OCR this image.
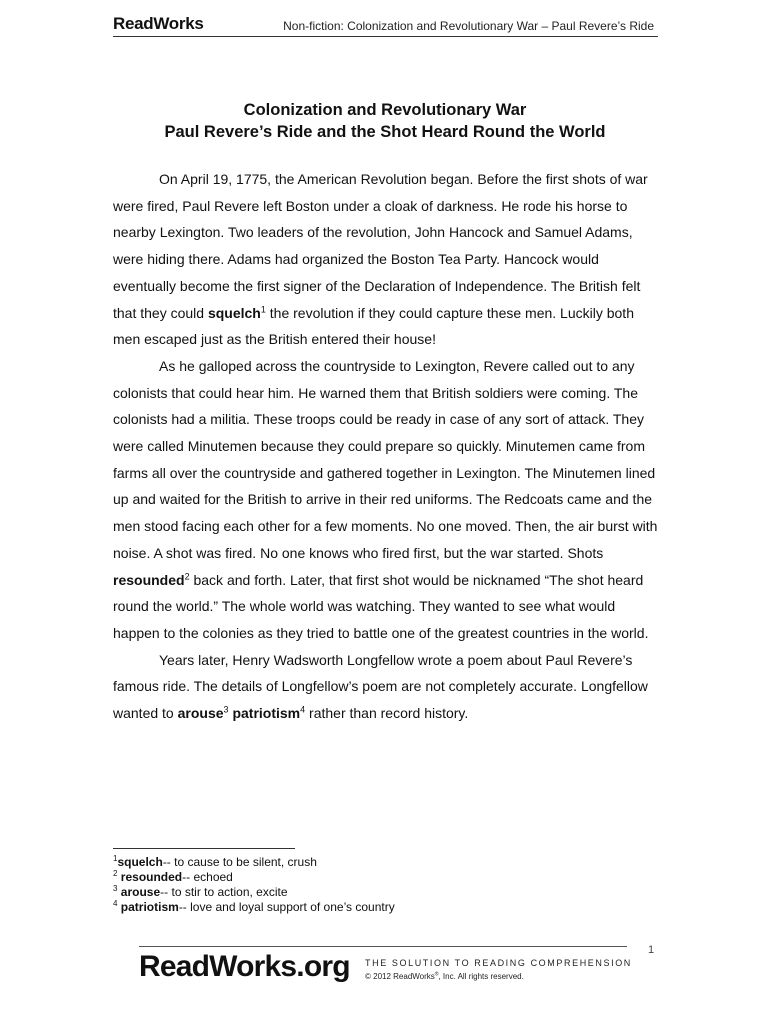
ReadWorks	Non-fiction: Colonization and Revolutionary War – Paul Revere’s Ride
Colonization and Revolutionary War
Paul Revere’s Ride and the Shot Heard Round the World

On April 19, 1775, the American Revolution began. Before the first shots of war were fired, Paul Revere left Boston under a cloak of darkness. He rode his horse to nearby Lexington. Two leaders of the revolution, John Hancock and Samuel Adams, were hiding there. Adams had organized the Boston Tea Party. Hancock would eventually become the first signer of the Declaration of Independence. The British felt that they could squelch$^1$ the revolution if they could capture these men. Luckily both men escaped just as the British entered their house!

As he galloped across the countryside to Lexington, Revere called out to any colonists that could hear him. He warned them that British soldiers were coming. The colonists had a militia. These troops could be ready in case of any sort of attack. They were called Minutemen because they could prepare so quickly. Minutemen came from farms all over the countryside and gathered together in Lexington. The Minutemen lined up and waited for the British to arrive in their red uniforms. The Redcoats came and the men stood facing each other for a few moments. No one moved. Then, the air burst with noise. A shot was fired. No one knows who fired first, but the war started. Shots resounded$^2$ back and forth. Later, that first shot would be nicknamed “The shot heard round the world.” The whole world was watching. They wanted to see what would happen to the colonies as they tried to battle one of the greatest countries in the world.

Years later, Henry Wadsworth Longfellow wrote a poem about Paul Revere’s famous ride. The details of Longfellow’s poem are not completely accurate. Longfellow wanted to arouse$^3$ patriotism$^4$ rather than record history.

$^1$squelch-- to cause to be silent, crush
$^2$ resounded-- echoed
$^3$ arouse-- to stir to action, excite
$^4$ patriotism-- love and loyal support of one’s country
1
ReadWorks.org THE SOLUTION TO READING COMPREHENSION
© 2012 ReadWorks®, Inc. All rights reserved.
